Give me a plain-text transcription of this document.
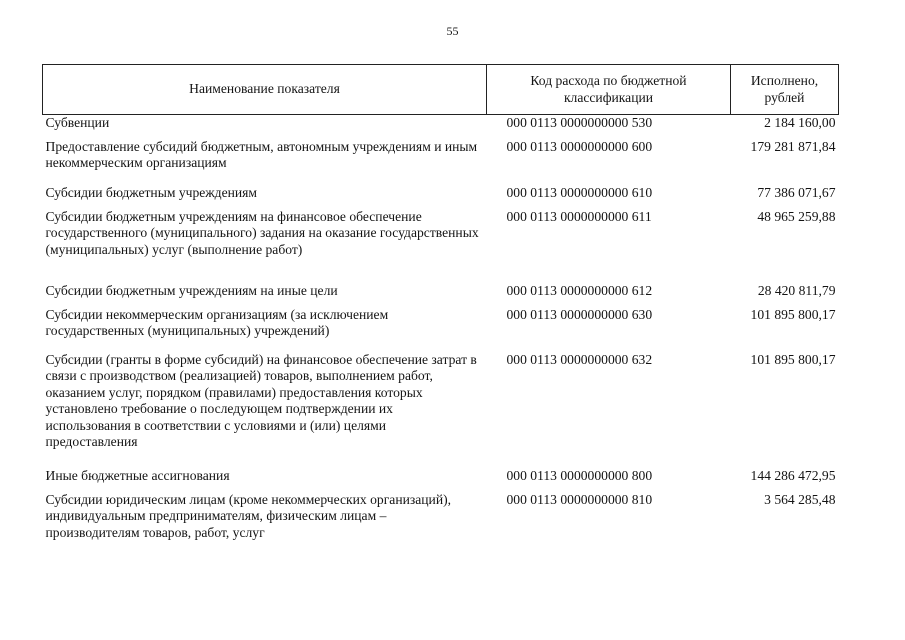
55
Наименование показателя	Код расхода по бюджетной классификации	Исполнено, рублей
Субвенции	000 0113 0000000000 530	2 184 160,00
Предоставление субсидий бюджетным, автономным учреждениям и иным некоммерческим организациям	000 0113 0000000000 600	179 281 871,84
Субсидии бюджетным учреждениям	000 0113 0000000000 610	77 386 071,67
Субсидии бюджетным учреждениям на финансовое обеспечение государственного (муниципального) задания на оказание государственных (муниципальных) услуг (выполнение работ)	000 0113 0000000000 611	48 965 259,88
Субсидии бюджетным учреждениям на иные цели	000 0113 0000000000 612	28 420 811,79
Субсидии некоммерческим организациям (за исключением государственных (муниципальных) учреждений)	000 0113 0000000000 630	101 895 800,17
Субсидии (гранты в форме субсидий) на финансовое обеспечение затрат в связи с производством (реализацией) товаров, выполнением работ, оказанием услуг, порядком (правилами) предоставления которых установлено требование о последующем подтверждении их использования в соответствии с условиями и (или) целями предоставления	000 0113 0000000000 632	101 895 800,17
Иные бюджетные ассигнования	000 0113 0000000000 800	144 286 472,95
Субсидии юридическим лицам (кроме некоммерческих организаций), индивидуальным предпринимателям, физическим лицам – производителям товаров, работ, услуг	000 0113 0000000000 810	3 564 285,48
